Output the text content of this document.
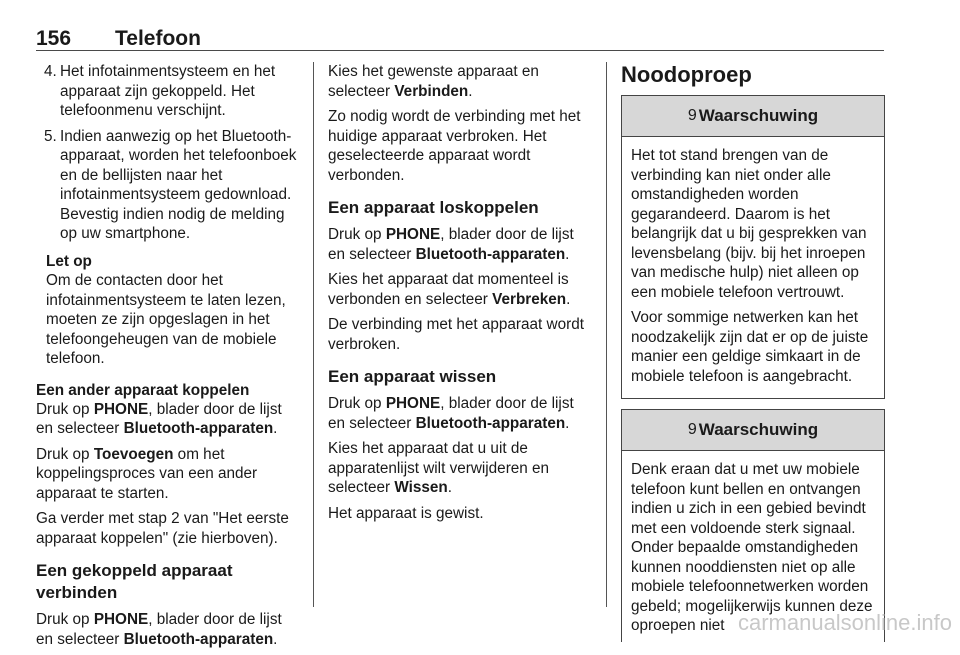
156 Telefoon
4. Het infotainmentsysteem en het apparaat zijn gekoppeld. Het telefoonmenu verschijnt.
5. Indien aanwezig op het Bluetooth-apparaat, worden het telefoonboek en de bellijsten naar het infotainmentsysteem gedownload. Bevestig indien nodig de melding op uw smartphone.

Let op

Om de contacten door het infotainmentsysteem te laten lezen, moeten ze zijn opgeslagen in het telefoongeheugen van de mobiele telefoon.

Een ander apparaat koppelen

Druk op PHONE, blader door de lijst en selecteer Bluetooth-apparaten.

Druk op Toevoegen om het koppelingsproces van een ander apparaat te starten.

Ga verder met stap 2 van "Het eerste apparaat koppelen" (zie hierboven).

Een gekoppeld apparaat verbinden

Druk op PHONE, blader door de lijst en selecteer Bluetooth-apparaten.

Kies het gewenste apparaat en selecteer Verbinden.

Zo nodig wordt de verbinding met het huidige apparaat verbroken. Het geselecteerde apparaat wordt verbonden.

Een apparaat loskoppelen

Druk op PHONE, blader door de lijst en selecteer Bluetooth-apparaten.

Kies het apparaat dat momenteel is verbonden en selecteer Verbreken.

De verbinding met het apparaat wordt verbroken.

Een apparaat wissen

Druk op PHONE, blader door de lijst en selecteer Bluetooth-apparaten.

Kies het apparaat dat u uit de apparatenlijst wilt verwijderen en selecteer Wissen.

Het apparaat is gewist.

Noodoproep

9 Waarschuwing

Het tot stand brengen van de verbinding kan niet onder alle omstandigheden worden gegarandeerd. Daarom is het belangrijk dat u bij gesprekken van levensbelang (bijv. bij het inroepen van medische hulp) niet alleen op een mobiele telefoon vertrouwt.

Voor sommige netwerken kan het noodzakelijk zijn dat er op de juiste manier een geldige simkaart in de mobiele telefoon is aangebracht.

9 Waarschuwing

Denk eraan dat u met uw mobiele telefoon kunt bellen en ontvangen indien u zich in een gebied bevindt met een voldoende sterk signaal. Onder bepaalde omstandigheden kunnen nooddiensten niet op alle mobiele telefoonnetwerken worden gebeld; mogelijkerwijs kunnen deze oproepen niet carmanualsonline.info
